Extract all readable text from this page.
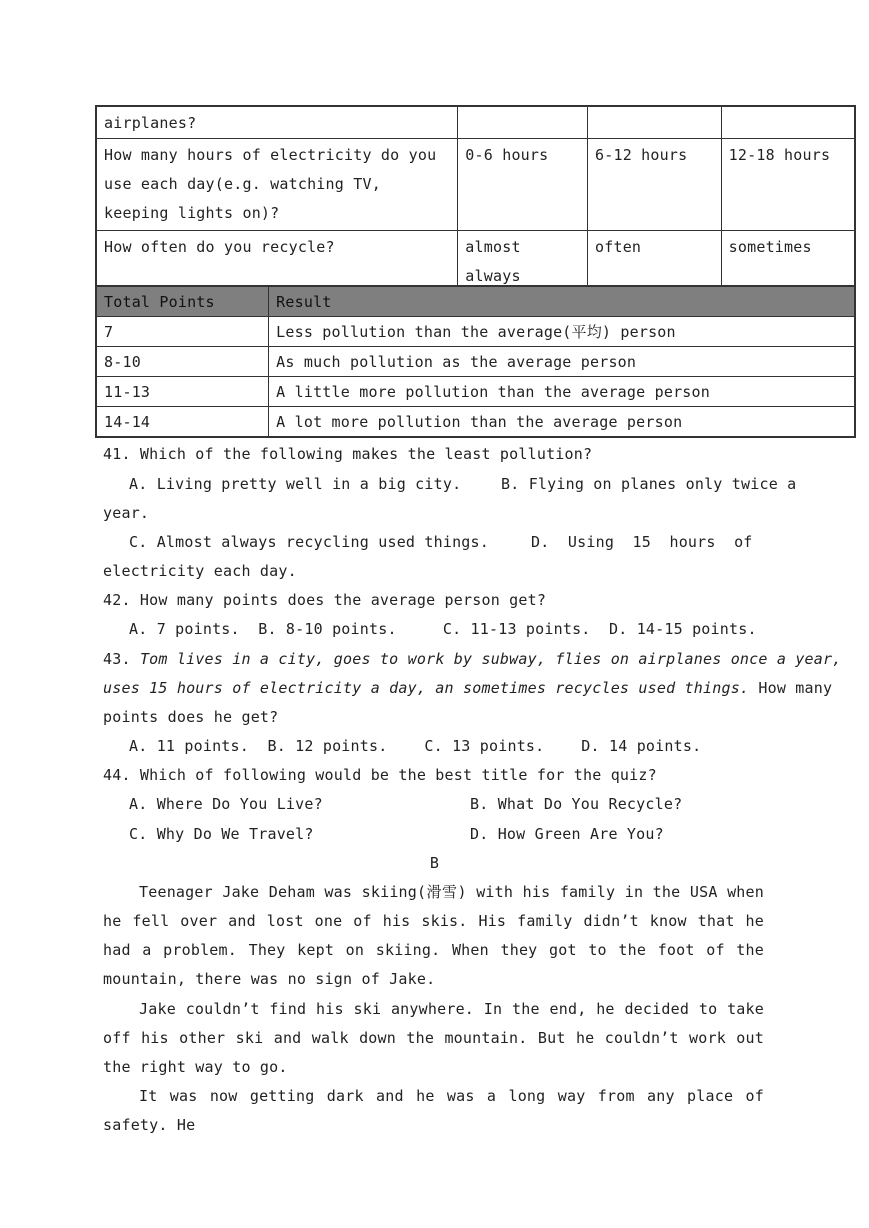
airplanes?			
How many hours of electricity do you use each day(e.g. watching TV, keeping lights on)?	0-6 hours	6-12 hours	12-18 hours
How often do you recycle?	almost always	often	sometimes
Total Points	Result
7	Less pollution than the average(平均) person
8-10	As much pollution as the average person
11-13	A little more pollution than the average person
14-14	A lot more pollution than the average person
41. Which of the following makes the least pollution?
A. Living pretty well in a big city.	B. Flying on planes only twice a
year.
C. Almost always recycling used things.	D.  Using  15  hours  of
electricity each day.
42. How many points does the average person get?
A. 7 points.  B. 8-10 points.     C. 11-13 points.  D. 14-15 points.
43. Tom lives in a city, goes to work by subway, flies on airplanes once a year,
uses 15 hours of electricity a day, an sometimes recycles used things. How many
points does he get?
A. 11 points.  B. 12 points.    C. 13 points.    D. 14 points.
44. Which of following would be the best title for the quiz?
A. Where Do You Live?	B. What Do You Recycle?
C. Why Do We Travel?	D. How Green Are You?
B
Teenager Jake Deham was skiing(滑雪) with his family in the USA when he fell over and lost one of his skis. His family didn’t know that he had a problem. They kept on skiing. When they got to the foot of the mountain, there was no sign of Jake.
Jake couldn’t find his ski anywhere. In the end, he decided to take off his other ski and walk down the mountain. But he couldn’t work out the right way to go.
It was now getting dark and he was a long way from any place of safety. He
